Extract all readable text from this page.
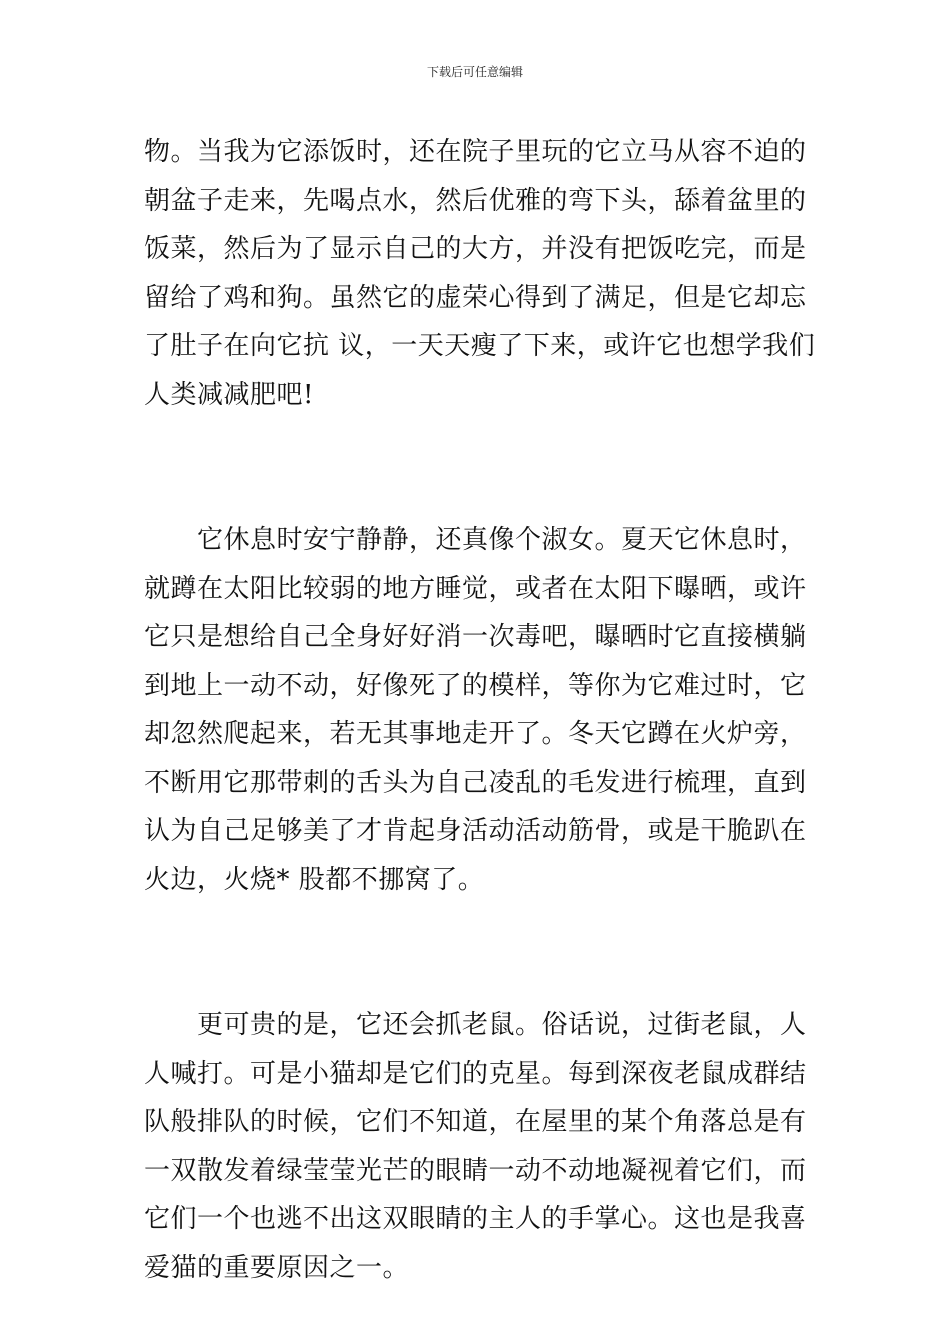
下载后可任意编辑
物。当我为它添饭时，还在院子里玩的它立马从容不迫的
朝盆子走来，先喝点水，然后优雅的弯下头，舔着盆里的
饭菜，然后为了显示自己的大方，并没有把饭吃完，而是
留给了鸡和狗。虽然它的虚荣心得到了满足，但是它却忘
了肚子在向它抗 议，一天天瘦了下来，或许它也想学我们
人类减减肥吧!
　　它休息时安宁静静，还真像个淑女。夏天它休息时，
就蹲在太阳比较弱的地方睡觉，或者在太阳下曝晒，或许
它只是想给自己全身好好消一次毒吧，曝晒时它直接横躺
到地上一动不动，好像死了的模样，等你为它难过时，它
却忽然爬起来，若无其事地走开了。冬天它蹲在火炉旁，
不断用它那带刺的舌头为自己凌乱的毛发进行梳理，直到
认为自己足够美了才肯起身活动活动筋骨，或是干脆趴在
火边，火烧* 股都不挪窝了。
　　更可贵的是，它还会抓老鼠。俗话说，过街老鼠，人
人喊打。可是小猫却是它们的克星。每到深夜老鼠成群结
队般排队的时候，它们不知道，在屋里的某个角落总是有
一双散发着绿莹莹光芒的眼睛一动不动地凝视着它们，而
它们一个也逃不出这双眼睛的主人的手掌心。这也是我喜
爱猫的重要原因之一。
